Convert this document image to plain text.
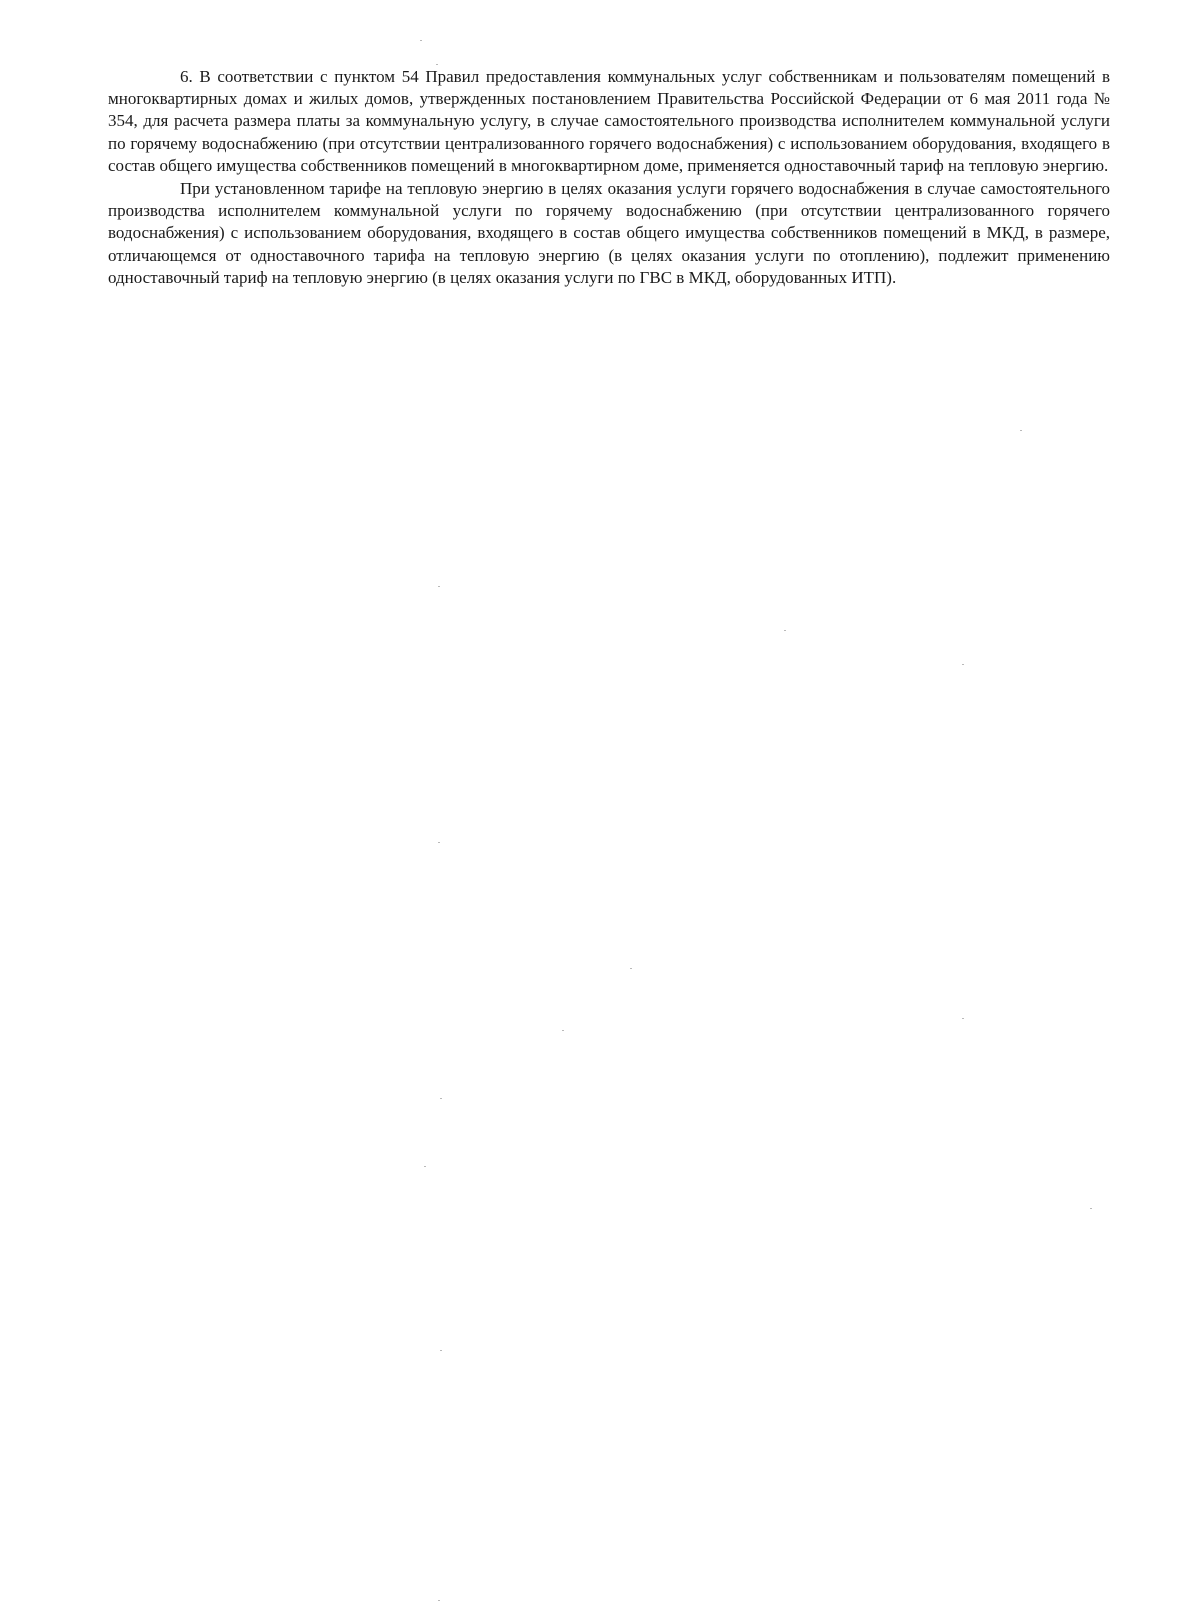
6. В соответствии с пунктом 54 Правил предоставления коммунальных услуг собственникам и пользователям помещений в многоквартирных домах и жилых домов, утвержденных постановлением Правительства Российской Федерации от 6 мая 2011 года № 354, для расчета размера платы за коммунальную услугу, в случае самостоятельного производства исполнителем коммунальной услуги по горячему водоснабжению (при отсутствии централизованного горячего водоснабжения) с использованием оборудования, входящего в состав общего имущества собственников помещений в многоквартирном доме, применяется одноставочный тариф на тепловую энергию.

При установленном тарифе на тепловую энергию в целях оказания услуги горячего водоснабжения в случае самостоятельного производства исполнителем коммунальной услуги по горячему водоснабжению (при отсутствии централизованного горячего водоснабжения) с использованием оборудования, входящего в состав общего имущества собственников помещений в МКД, в размере, отличающемся от одноставочного тарифа на тепловую энергию (в целях оказания услуги по отоплению), подлежит применению одноставочный тариф на тепловую энергию (в целях оказания услуги по ГВС в МКД, оборудованных ИТП).
